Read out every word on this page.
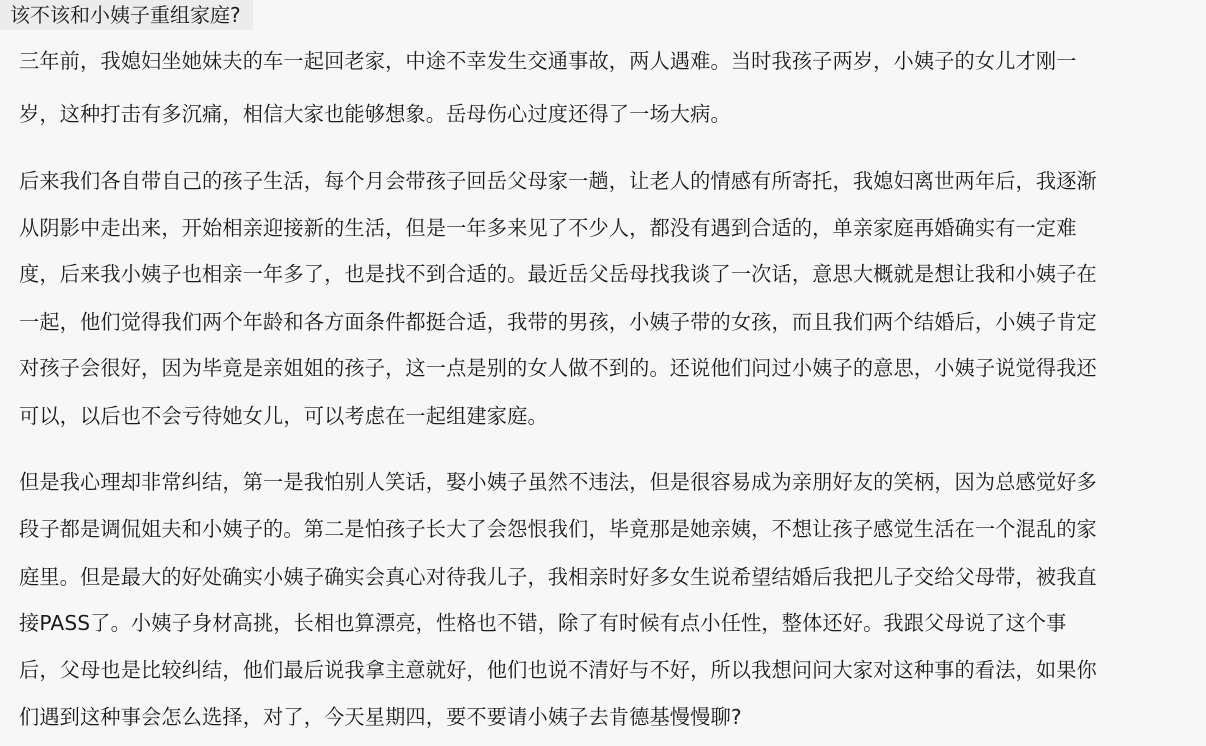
该不该和小姨子重组家庭?
三年前，我媳妇坐她妹夫的车一起回老家，中途不幸发生交通事故，两人遇难。当时我孩子两岁，小姨子的女儿才刚一
岁，这种打击有多沉痛，相信大家也能够想象。岳母伤心过度还得了一场大病。
后来我们各自带自己的孩子生活，每个月会带孩子回岳父母家一趟，让老人的情感有所寄托，我媳妇离世两年后，我逐渐
从阴影中走出来，开始相亲迎接新的生活，但是一年多来见了不少人，都没有遇到合适的，单亲家庭再婚确实有一定难
度，后来我小姨子也相亲一年多了，也是找不到合适的。最近岳父岳母找我谈了一次话，意思大概就是想让我和小姨子在
一起，他们觉得我们两个年龄和各方面条件都挺合适，我带的男孩，小姨子带的女孩，而且我们两个结婚后，小姨子肯定
对孩子会很好，因为毕竟是亲姐姐的孩子，这一点是别的女人做不到的。还说他们问过小姨子的意思，小姨子说觉得我还
可以，以后也不会亏待她女儿，可以考虑在一起组建家庭。
但是我心理却非常纠结，第一是我怕别人笑话，娶小姨子虽然不违法，但是很容易成为亲朋好友的笑柄，因为总感觉好多
段子都是调侃姐夫和小姨子的。第二是怕孩子长大了会怨恨我们，毕竟那是她亲姨，不想让孩子感觉生活在一个混乱的家
庭里。但是最大的好处确实小姨子确实会真心对待我儿子，我相亲时好多女生说希望结婚后我把儿子交给父母带，被我直
接PASS了。小姨子身材高挑，长相也算漂亮，性格也不错，除了有时候有点小任性，整体还好。我跟父母说了这个事
后，父母也是比较纠结，他们最后说我拿主意就好，他们也说不清好与不好，所以我想问问大家对这种事的看法，如果你
们遇到这种事会怎么选择，对了，今天星期四，要不要请小姨子去肯德基慢慢聊?
